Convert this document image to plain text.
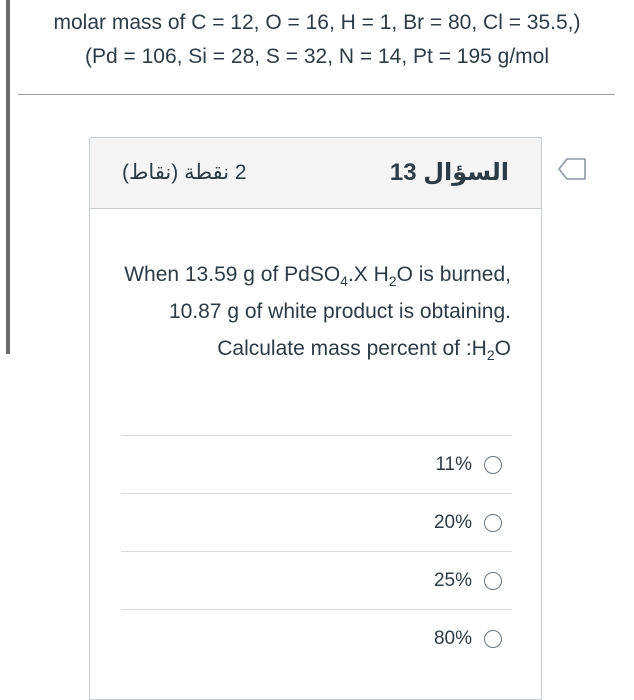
molar mass of C = 12, O = 16, H = 1, Br = 80, Cl = 35.5,)
(Pd = 106, Si = 28, S = 32, N = 14, Pt = 195 g/mol
السؤال 13
2 نقطة (نقاط)
When 13.59 g of PdSO$_4$.X $H_2O$ is burned, 10.87 g of white product is obtaining. Calculate mass percent of $:H_2O$
11%
20%
25%
80%
